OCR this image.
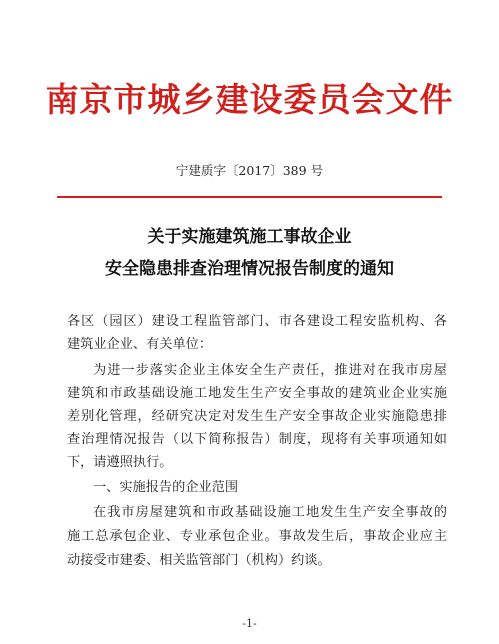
南京市城乡建设委员会文件
宁建质字〔2017〕389 号
关于实施建筑施工事故企业
安全隐患排查治理情况报告制度的通知
各区（园区）建设工程监管部门、市各建设工程安监机构、各
建筑业企业、有关单位：
为进一步落实企业主体安全生产责任，推进对在我市房屋
建筑和市政基础设施工地发生生产安全事故的建筑业企业实施
差别化管理，经研究决定对发生生产安全事故企业实施隐患排
查治理情况报告（以下简称报告）制度，现将有关事项通知如
下，请遵照执行。
一、实施报告的企业范围
在我市房屋建筑和市政基础设施工地发生生产安全事故的
施工总承包企业、专业承包企业。事故发生后，事故企业应主
动接受市建委、相关监管部门（机构）约谈。
-1-
